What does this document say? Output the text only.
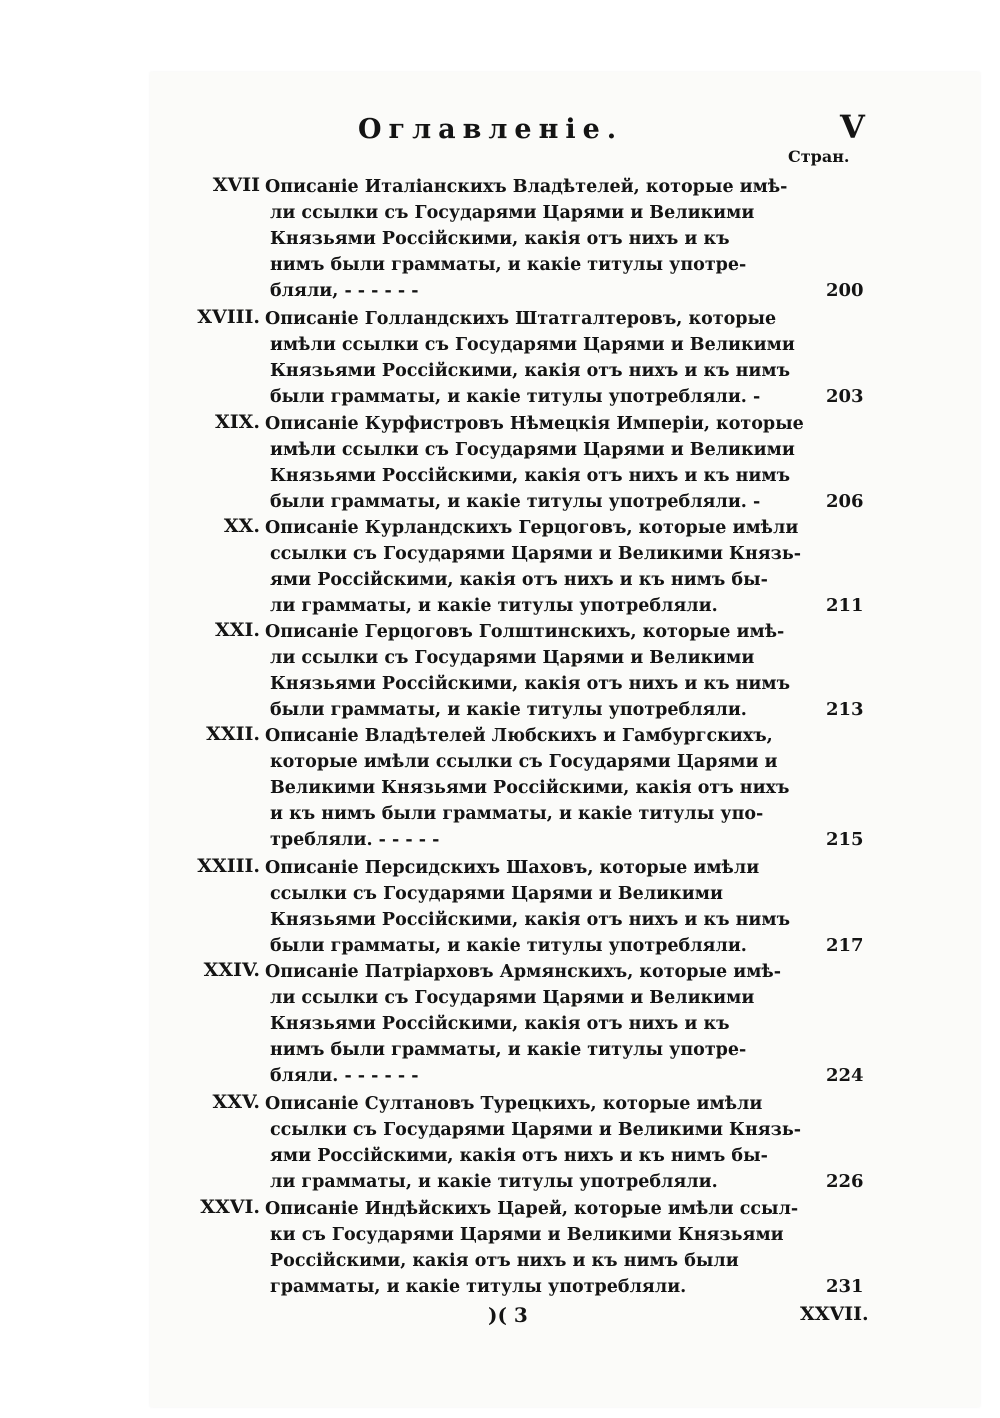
Оглавленіе.	V
Стран.
XVII Описаніе Италіанскихъ Владѣтелей, которые имѣ-
ли ссылки съ Государями Царями и Великими
Князьями Россійскими, какія отъ нихъ и къ
нимъ были грамматы, и какіе титулы употре-
бляли, - - - - - -	200
XVIII. Описаніе Голландскихъ Штатгалтеровъ, которые
имѣли ссылки съ Государями Царями и Великими
Князьями Россійскими, какія отъ нихъ и къ нимъ
были грамматы, и какіе титулы употребляли. -	203
XIX. Описаніе Курфистровъ Нѣмецкія Имперіи, которые
имѣли ссылки съ Государями Царями и Великими
Князьями Россійскими, какія отъ нихъ и къ нимъ
были грамматы, и какіе титулы употребляли. -	206
XX. Описаніе Курландскихъ Герцоговъ, которые имѣли
ссылки съ Государями Царями и Великими Князь-
ями Россійскими, какія отъ нихъ и къ нимъ бы-
ли грамматы, и какіе титулы употребляли.	211
XXI. Описаніе Герцоговъ Голштинскихъ, которые имѣ-
ли ссылки съ Государями Царями и Великими
Князьями Россійскими, какія отъ нихъ и къ нимъ
были грамматы, и какіе титулы употребляли.	213
XXII. Описаніе Владѣтелей Любскихъ и Гамбургскихъ,
которые имѣли ссылки съ Государями Царями и
Великими Князьями Россійскими, какія отъ нихъ
и къ нимъ были грамматы, и какіе титулы упо-
требляли. - - - - -	215
XXIII. Описаніе Персидскихъ Шаховъ, которые имѣли
ссылки съ Государями Царями и Великими
Князьями Россійскими, какія отъ нихъ и къ нимъ
были грамматы, и какіе титулы употребляли.	217
XXIV. Описаніе Патріарховъ Армянскихъ, которые имѣ-
ли ссылки съ Государями Царями и Великими
Князьями Россійскими, какія отъ нихъ и къ
нимъ были грамматы, и какіе титулы употре-
бляли. - - - - - -	224
XXV. Описаніе Султановъ Турецкихъ, которые имѣли
ссылки съ Государями Царями и Великими Князь-
ями Россійскими, какія отъ нихъ и къ нимъ бы-
ли грамматы, и какіе титулы употребляли.	226
XXVI. Описаніе Индѣйскихъ Царей, которые имѣли ссыл-
ки съ Государями Царями и Великими Князьями
Россійскими, какія отъ нихъ и къ нимъ были
грамматы, и какіе титулы употребляли.	231
)( 3	XXVII.
